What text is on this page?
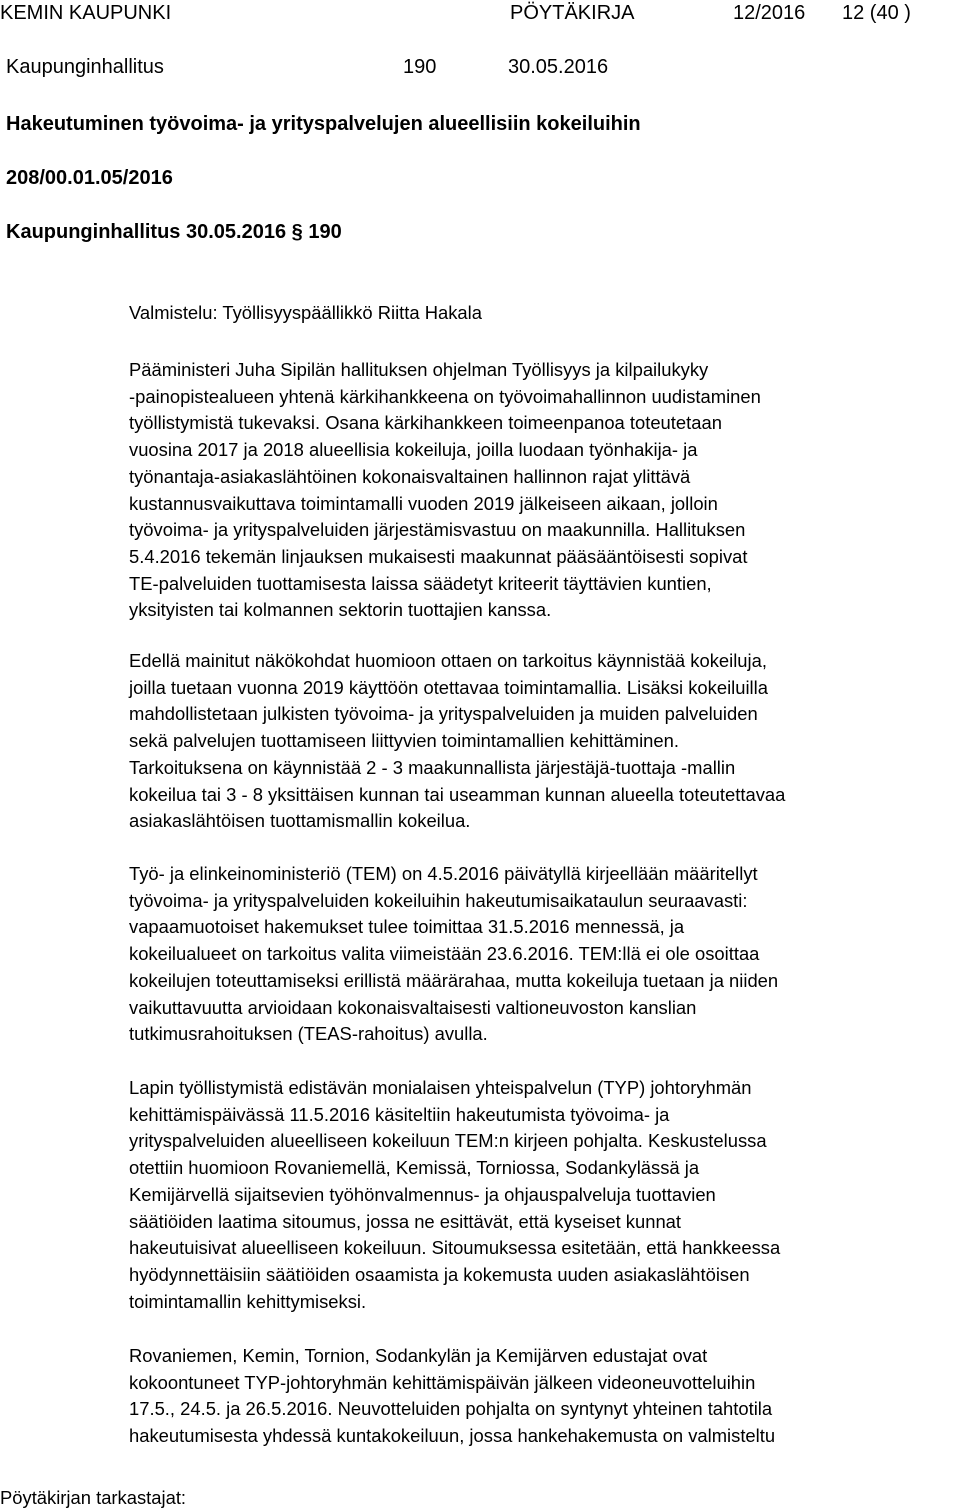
KEMIN KAUPUNKI	PÖYTÄKIRJA	12/2016 12 (40 )
Kaupunginhallitus	190	30.05.2016
Hakeutuminen työvoima- ja yrityspalvelujen alueellisiin kokeiluihin
208/00.01.05/2016
Kaupunginhallitus 30.05.2016 § 190

Valmistelu: Työllisyyspäällikkö Riitta Hakala

Pääministeri Juha Sipilän hallituksen ohjelman Työllisyys ja kilpailukyky
-painopistealueen yhtenä kärkihankkeena on työvoimahallinnon uudistaminen
työllistymistä tukevaksi. Osana kärkihankkeen toimeenpanoa toteutetaan
vuosina 2017 ja 2018 alueellisia kokeiluja, joilla luodaan työnhakija- ja
työnantaja-asiakaslähtöinen kokonaisvaltainen hallinnon rajat ylittävä
kustannusvaikuttava toimintamalli vuoden 2019 jälkeiseen aikaan, jolloin
työvoima- ja yrityspalveluiden järjestämisvastuu on maakunnilla. Hallituksen
5.4.2016 tekemän linjauksen mukaisesti maakunnat pääsääntöisesti sopivat
TE-palveluiden tuottamisesta laissa säädetyt kriteerit täyttävien kuntien,
yksityisten tai kolmannen sektorin tuottajien kanssa.

Edellä mainitut näkökohdat huomioon ottaen on tarkoitus käynnistää kokeiluja,
joilla tuetaan vuonna 2019 käyttöön otettavaa toimintamallia. Lisäksi kokeiluilla
mahdollistetaan julkisten työvoima- ja yrityspalveluiden ja muiden palveluiden
sekä palvelujen tuottamiseen liittyvien toimintamallien kehittäminen.
Tarkoituksena on käynnistää 2 - 3 maakunnallista järjestäjä-tuottaja -mallin
kokeilua tai 3 - 8 yksittäisen kunnan tai useamman kunnan alueella toteutettavaa
asiakaslähtöisen tuottamismallin kokeilua.

Työ- ja elinkeinoministeriö (TEM) on 4.5.2016 päivätyllä kirjeellään määritellyt
työvoima- ja yrityspalveluiden kokeiluihin hakeutumisaikataulun seuraavasti:
vapaamuotoiset hakemukset tulee toimittaa 31.5.2016 mennessä, ja
kokeilualueet on tarkoitus valita viimeistään 23.6.2016. TEM:llä ei ole osoittaa
kokeilujen toteuttamiseksi erillistä määrärahaa, mutta kokeiluja tuetaan ja niiden
vaikuttavuutta arvioidaan kokonaisvaltaisesti valtioneuvoston kanslian
tutkimusrahoituksen (TEAS-rahoitus) avulla.

Lapin työllistymistä edistävän monialaisen yhteispalvelun (TYP) johtoryhmän
kehittämispäivässä 11.5.2016 käsiteltiin hakeutumista työvoima- ja
yrityspalveluiden alueelliseen kokeiluun TEM:n kirjeen pohjalta. Keskustelussa
otettiin huomioon Rovaniemellä, Kemissä, Torniossa, Sodankylässä ja
Kemijärvellä sijaitsevien työhönvalmennus- ja ohjauspalveluja tuottavien
säätiöiden laatima sitoumus, jossa ne esittävät, että kyseiset kunnat
hakeutuisivat alueelliseen kokeiluun. Sitoumuksessa esitetään, että hankkeessa
hyödynnettäisiin säätiöiden osaamista ja kokemusta uuden asiakaslähtöisen
toimintamallin kehittymiseksi.

Rovaniemen, Kemin, Tornion, Sodankylän ja Kemijärven edustajat ovat
kokoontuneet TYP-johtoryhmän kehittämispäivän jälkeen videoneuvotteluihin
17.5., 24.5. ja 26.5.2016. Neuvotteluiden pohjalta on syntynyt yhteinen tahtotila
hakeutumisesta yhdessä kuntakokeiluun, jossa hankehakemusta on valmisteltu

Pöytäkirjan tarkastajat:
